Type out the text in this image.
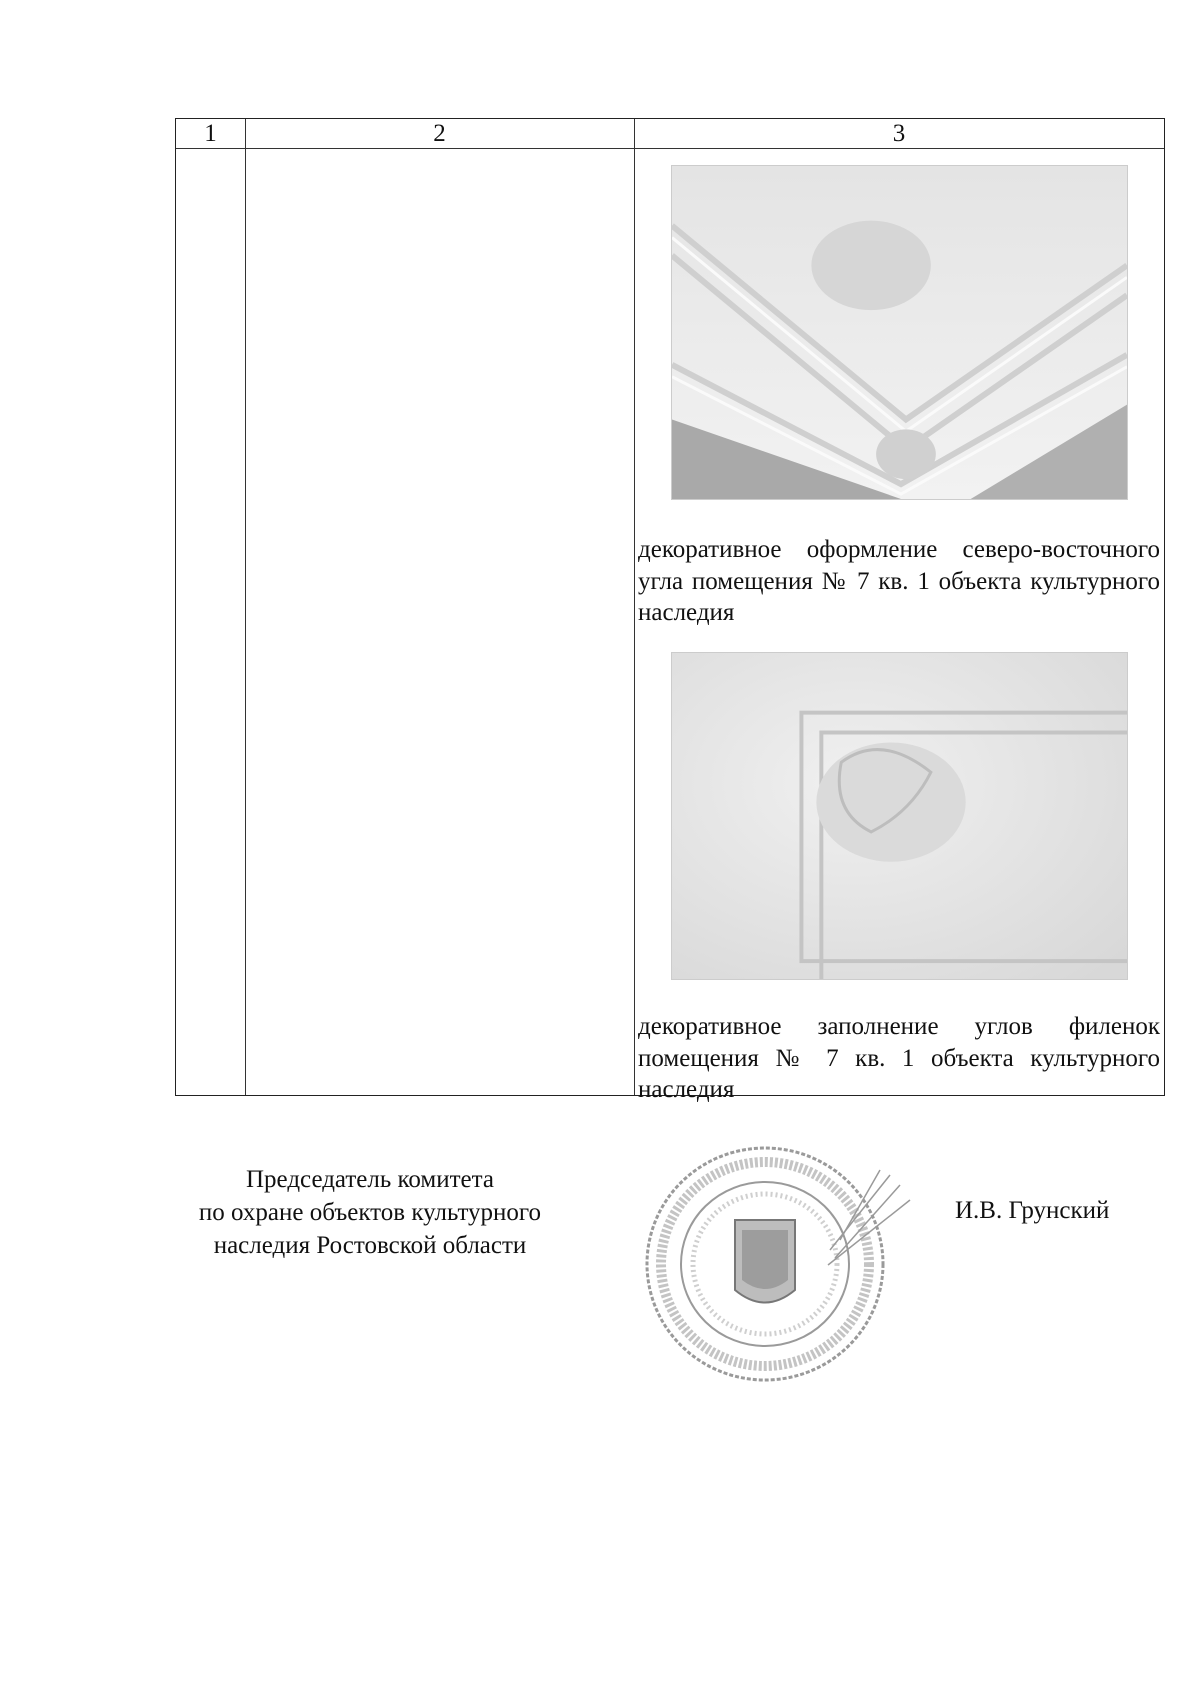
1	2	3
декоративное оформление северо-восточного угла помещения № 7 кв. 1 объекта культурного наследия
декоративное заполнение углов филенок помещения № 7 кв. 1 объекта культурного наследия
Председатель комитета
по охране объектов культурного
наследия Ростовской области
И.В. Грунский
